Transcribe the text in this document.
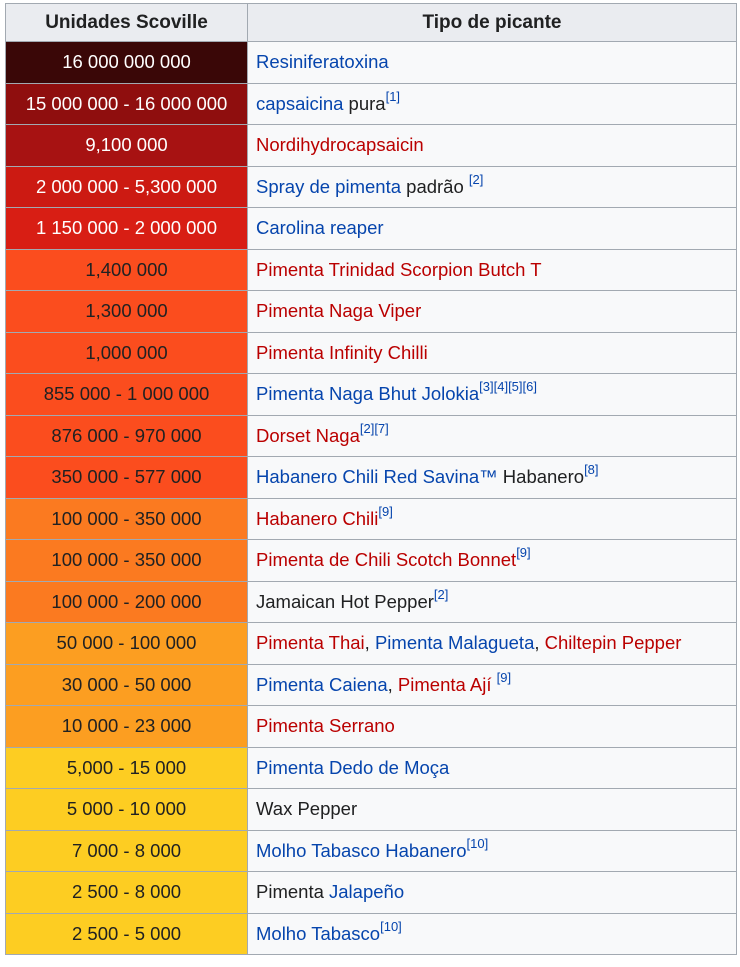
Unidades Scoville	Tipo de picante
16 000 000 000	Resiniferatoxina
15 000 000 - 16 000 000	capsaicina pura[1]
9,100 000	Nordihydrocapsaicin
2 000 000 - 5,300 000	Spray de pimenta padrão [2]
1 150 000 - 2 000 000	Carolina reaper
1,400 000	Pimenta Trinidad Scorpion Butch T
1,300 000	Pimenta Naga Viper
1,000 000	Pimenta Infinity Chilli
855 000 - 1 000 000	Pimenta Naga Bhut Jolokia[3][4][5][6]
876 000 - 970 000	Dorset Naga[2][7]
350 000 - 577 000	Habanero Chili Red Savina™ Habanero[8]
100 000 - 350 000	Habanero Chili[9]
100 000 - 350 000	Pimenta de Chili Scotch Bonnet[9]
100 000 - 200 000	Jamaican Hot Pepper[2]
50 000 - 100 000	Pimenta Thai, Pimenta Malagueta, Chiltepin Pepper
30 000 - 50 000	Pimenta Caiena, Pimenta Ají [9]
10 000 - 23 000	Pimenta Serrano
5,000 - 15 000	Pimenta Dedo de Moça
5 000 - 10 000	Wax Pepper
7 000 - 8 000	Molho Tabasco Habanero[10]
2 500 - 8 000	Pimenta Jalapeño
2 500 - 5 000	Molho Tabasco[10]
